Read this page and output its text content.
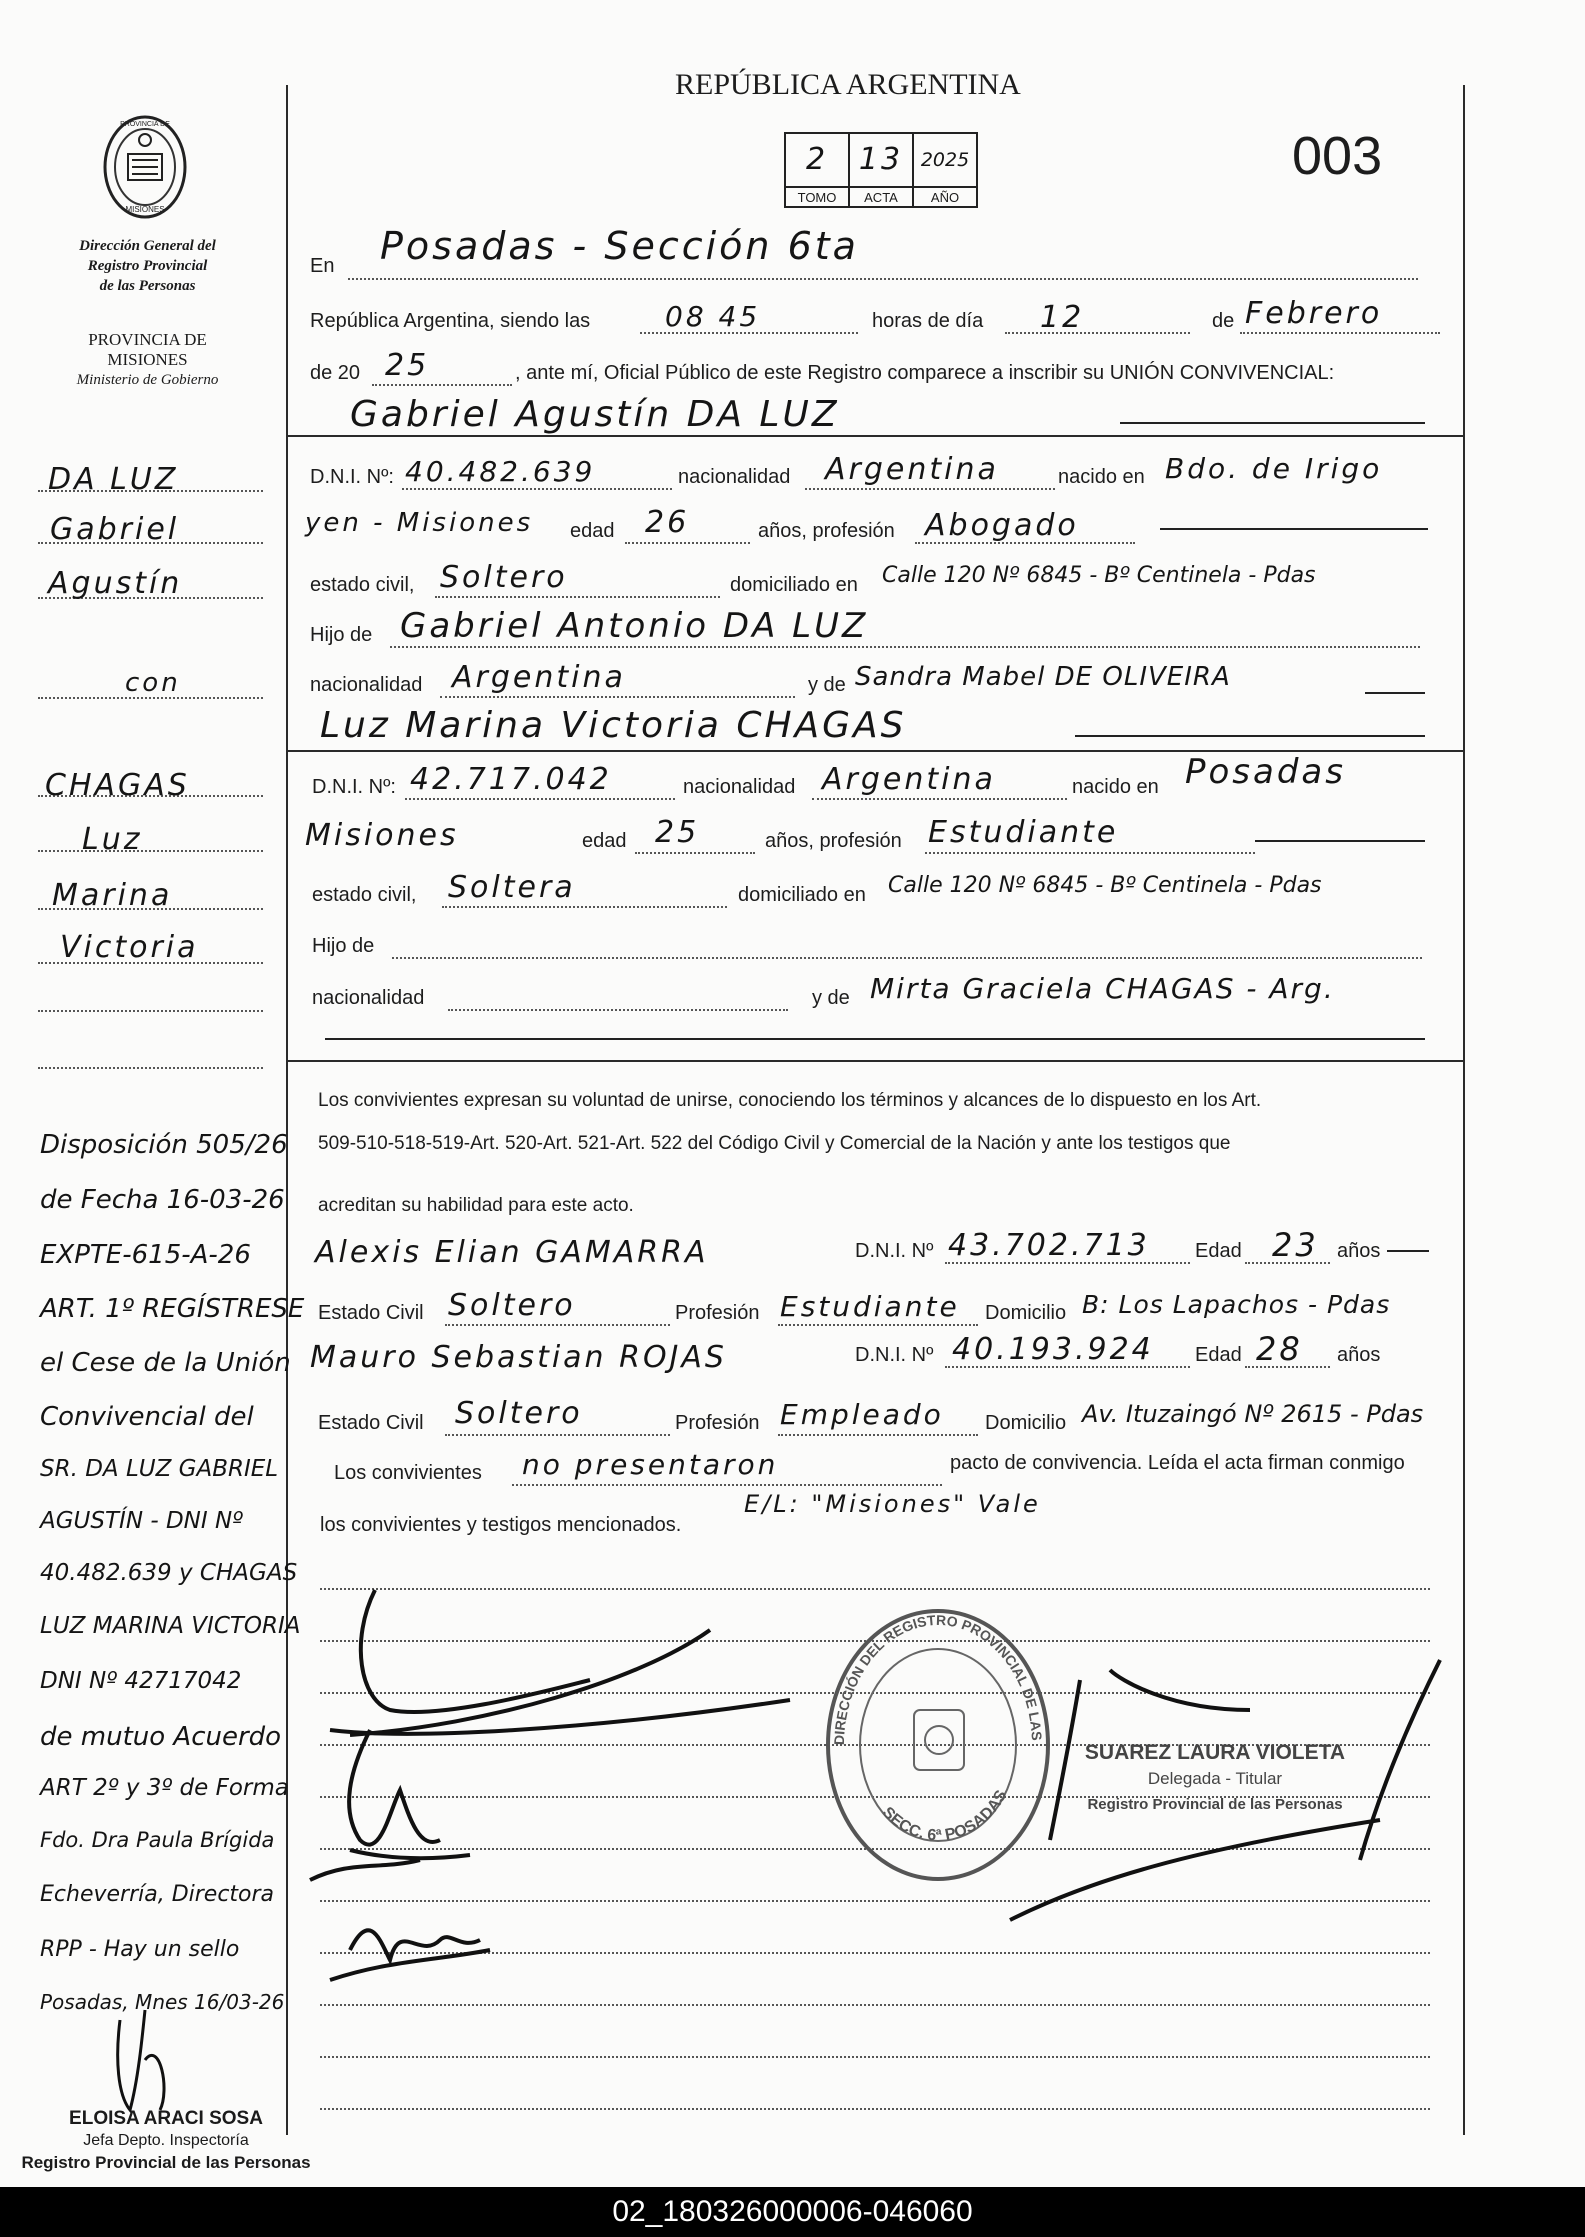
REPÚBLICA ARGENTINA
003
2
TOMO
13
ACTA
2025
AÑO
PROVINCIA DE
MISIONES
Dirección General del
Registro Provincial
de las Personas
PROVINCIA DE
MISIONES
Ministerio de Gobierno
DA LUZ
Gabriel
Agustín
con
CHAGAS
Luz
Marina
Victoria
Disposición 505/26
de Fecha 16-03-26
EXPTE-615-A-26
ART. 1º REGÍSTRESE
el Cese de la Unión
Convivencial del
SR. DA LUZ GABRIEL
AGUSTÍN - DNI Nº
40.482.639 y CHAGAS
LUZ MARINA VICTORIA
DNI Nº 42717042
de mutuo Acuerdo
ART 2º y 3º de Forma
Fdo. Dra Paula Brígida
Echeverría, Directora
RPP - Hay un sello
Posadas, Mnes 16/03-26
ELOISA ARACI SOSA
Jefa Depto. Inspectoría
Registro Provincial de las Personas
En Posadas - Sección 6ta
República Argentina, siendo las	08 45	horas de día 12	de Febrero
de 20 25	, ante mí, Oficial Público de este Registro comparece a inscribir su UNIÓN CONVIVENCIAL:
Gabriel Agustín DA LUZ
D.N.I. Nº: 40.482.639	nacionalidad Argentina	nacido en Bdo. de Irigo
yen - Misiones edad 26	años, profesión Abogado
estado civil, Soltero	domiciliado en Calle 120 Nº 6845 - Bº Centinela - Pdas
Hijo de Gabriel Antonio DA LUZ
nacionalidad Argentina	y de Sandra Mabel DE OLIVEIRA
Luz Marina Victoria CHAGAS
D.N.I. Nº: 42.717.042	nacionalidad Argentina	nacido en Posadas
Misiones	edad 25	años, profesión Estudiante
estado civil, Soltera	domiciliado en Calle 120 Nº 6845 - Bº Centinela - Pdas
Hijo de
nacionalidad	y de Mirta Graciela CHAGAS - Arg.
Los convivientes expresan su voluntad de unirse, conociendo los términos y alcances de lo dispuesto en los Art.
509-510-518-519-Art. 520-Art. 521-Art. 522 del Código Civil y Comercial de la Nación y ante los testigos que
acreditan su habilidad para este acto.
Alexis Elian GAMARRA	D.N.I. Nº 43.702.713 Edad 23 años
Estado Civil Soltero	Profesión Estudiante Domicilio B: Los Lapachos - Pdas
Mauro Sebastian ROJAS	D.N.I. Nº 40.193.924 Edad 28 años
Estado Civil Soltero	Profesión Empleado Domicilio Av. Ituzaingó Nº 2615 - Pdas
Los convivientes no presentaron	pacto de convivencia. Leída el acta firman conmigo
los convivientes y testigos mencionados.
E/L: "Misiones" Vale
DIRECCIÓN DEL REGISTRO PROVINCIAL DE LAS
SECC. 6ª POSADAS
SUAREZ LAURA VIOLETA
Delegada - Titular
Registro Provincial de las Personas
02_180326000006-046060
